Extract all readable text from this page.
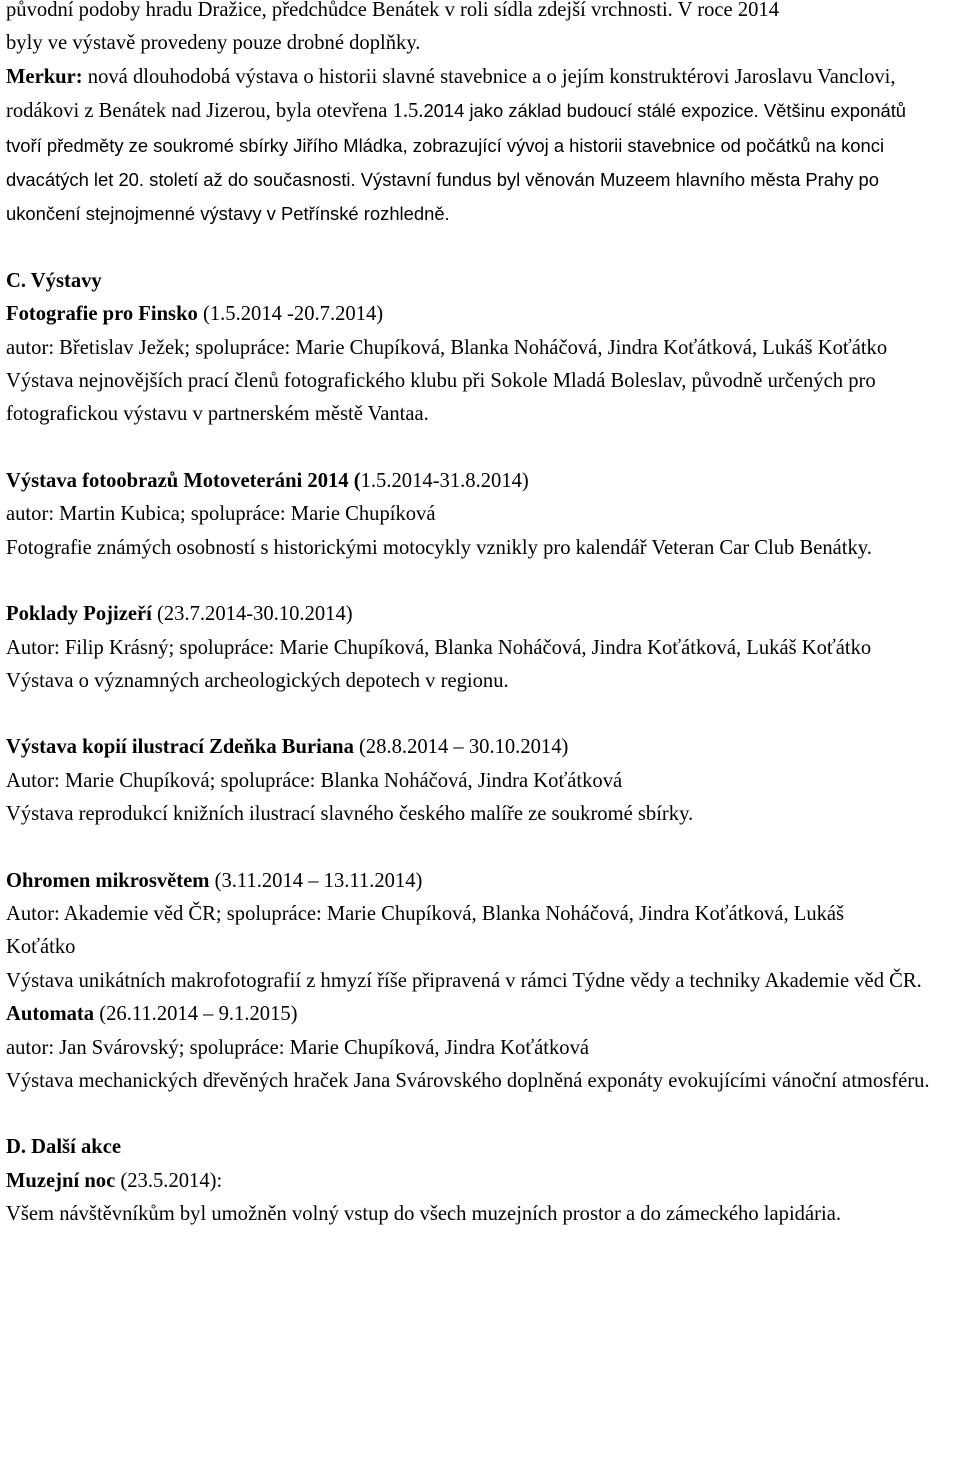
původní podoby hradu Dražice, předchůdce Benátek v roli sídla zdejší vrchnosti. V roce 2014
byly ve výstavě provedeny pouze drobné doplňky.

Merkur: nová dlouhodobá výstava o historii slavné stavebnice a o jejím konstruktérovi Jaroslavu Vanclovi, rodákovi z Benátek nad Jizerou, byla otevřena 1.5.2014 jako základ budoucí stálé expozice. Většinu exponátů tvoří předměty ze soukromé sbírky Jiřího Mládka, zobrazující vývoj a historii stavebnice od počátků na konci dvacátých let 20. století až do současnosti. Výstavní fundus byl věnován Muzeem hlavního města Prahy po ukončení stejnojmenné výstavy v Petřínské rozhledně.

C. Výstavy

Fotografie pro Finsko (1.5.2014 -20.7.2014)

autor: Břetislav Ježek; spolupráce: Marie Chupíková, Blanka Noháčová, Jindra Koťátková, Lukáš Koťátko

Výstava nejnovějších prací členů fotografického klubu při Sokole Mladá Boleslav, původně určených pro fotografickou výstavu v partnerském městě Vantaa.

Výstava fotoobrazů Motoveteráni 2014 (1.5.2014-31.8.2014)

autor: Martin Kubica; spolupráce: Marie Chupíková

Fotografie známých osobností s historickými motocykly vznikly pro kalendář Veteran Car Club Benátky.

Poklady Pojizeří (23.7.2014-30.10.2014)

Autor: Filip Krásný; spolupráce: Marie Chupíková, Blanka Noháčová, Jindra Koťátková, Lukáš Koťátko

Výstava o významných archeologických depotech v regionu.

Výstava kopií ilustrací Zdeňka Buriana (28.8.2014 – 30.10.2014)

Autor: Marie Chupíková; spolupráce: Blanka Noháčová, Jindra Koťátková

Výstava reprodukcí knižních ilustrací slavného českého malíře ze soukromé sbírky.

Ohromen mikrosvětem (3.11.2014 – 13.11.2014)

Autor: Akademie věd ČR; spolupráce: Marie Chupíková, Blanka Noháčová, Jindra Koťátková, Lukáš Koťátko

Výstava unikátních makrofotografií z hmyzí říše připravená v rámci Týdne vědy a techniky Akademie věd ČR.

Automata (26.11.2014 – 9.1.2015)

autor: Jan Svárovský; spolupráce: Marie Chupíková, Jindra Koťátková

Výstava mechanických dřevěných hraček Jana Svárovského doplněná exponáty evokujícími vánoční atmosféru.

D. Další akce

Muzejní noc (23.5.2014):

Všem návštěvníkům byl umožněn volný vstup do všech muzejních prostor a do zámeckého lapidária.
